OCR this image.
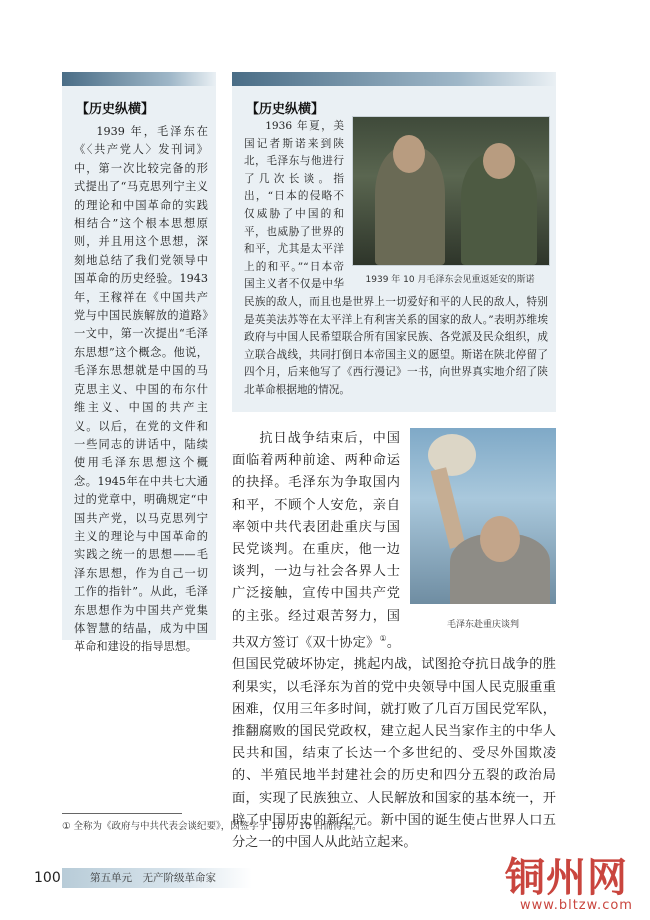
【历史纵横】

1939 年，毛泽东在《〈共产党人〉发刊词》中，第一次比较完备的形式提出了“马克思列宁主义的理论和中国革命的实践相结合”这个根本思想原则，并且用这个思想，深刻地总结了我们党领导中国革命的历史经验。1943年，王稼祥在《中国共产党与中国民族解放的道路》一文中，第一次提出“毛泽东思想”这个概念。他说，毛泽东思想就是中国的马克思主义、中国的布尔什维主义、中国的共产主义。以后，在党的文件和一些同志的讲话中，陆续使用毛泽东思想这个概念。1945年在中共七大通过的党章中，明确规定“中国共产党，以马克思列宁主义的理论与中国革命的实践之统一的思想——毛泽东思想，作为自己一切工作的指针”。从此，毛泽东思想作为中国共产党集体智慧的结晶，成为中国革命和建设的指导思想。

【历史纵横】

1939 年 10 月毛泽东会见重返延安的斯诺
1936 年夏，美国记者斯诺来到陕北，毛泽东与他进行了几次长谈。指出，“日本的侵略不仅威胁了中国的和平，也威胁了世界的和平，尤其是太平洋上的和平。”“日本帝国主义者不仅是中华民族的敌人，而且也是世界上一切爱好和平的人民的敌人，特别是英美法苏等在太平洋上有利害关系的国家的敌人。”表明苏维埃政府与中国人民希望联合所有国家民族、各党派及民众组织，成立联合战线，共同打倒日本帝国主义的愿望。斯诺在陕北停留了四个月，后来他写了《西行漫记》一书，向世界真实地介绍了陕北革命根据地的情况。

毛泽东赴重庆谈判
抗日战争结束后，中国面临着两种前途、两种命运的抉择。毛泽东为争取国内和平，不顾个人安危，亲自率领中共代表团赴重庆与国民党谈判。在重庆，他一边谈判，一边与社会各界人士广泛接触，宣传中国共产党的主张。经过艰苦努力，国共双方签订《双十协定》①。但国民党破坏协定，挑起内战，试图抢夺抗日战争的胜利果实，以毛泽东为首的党中央领导中国人民克服重重困难，仅用三年多时间，就打败了几百万国民党军队，推翻腐败的国民党政权，建立起人民当家作主的中华人民共和国，结束了长达一个多世纪的、受尽外国欺凌的、半殖民地半封建社会的历史和四分五裂的政治局面，实现了民族独立、人民解放和国家的基本统一，开辟了中国历史的新纪元。新中国的诞生使占世界人口五分之一的中国人从此站立起来。

① 全称为《政府与中共代表会谈纪要》，因签字于 10 月 10 日而得名。
100	第五单元　无产阶级革命家	铜州网
www.bltzw.com
